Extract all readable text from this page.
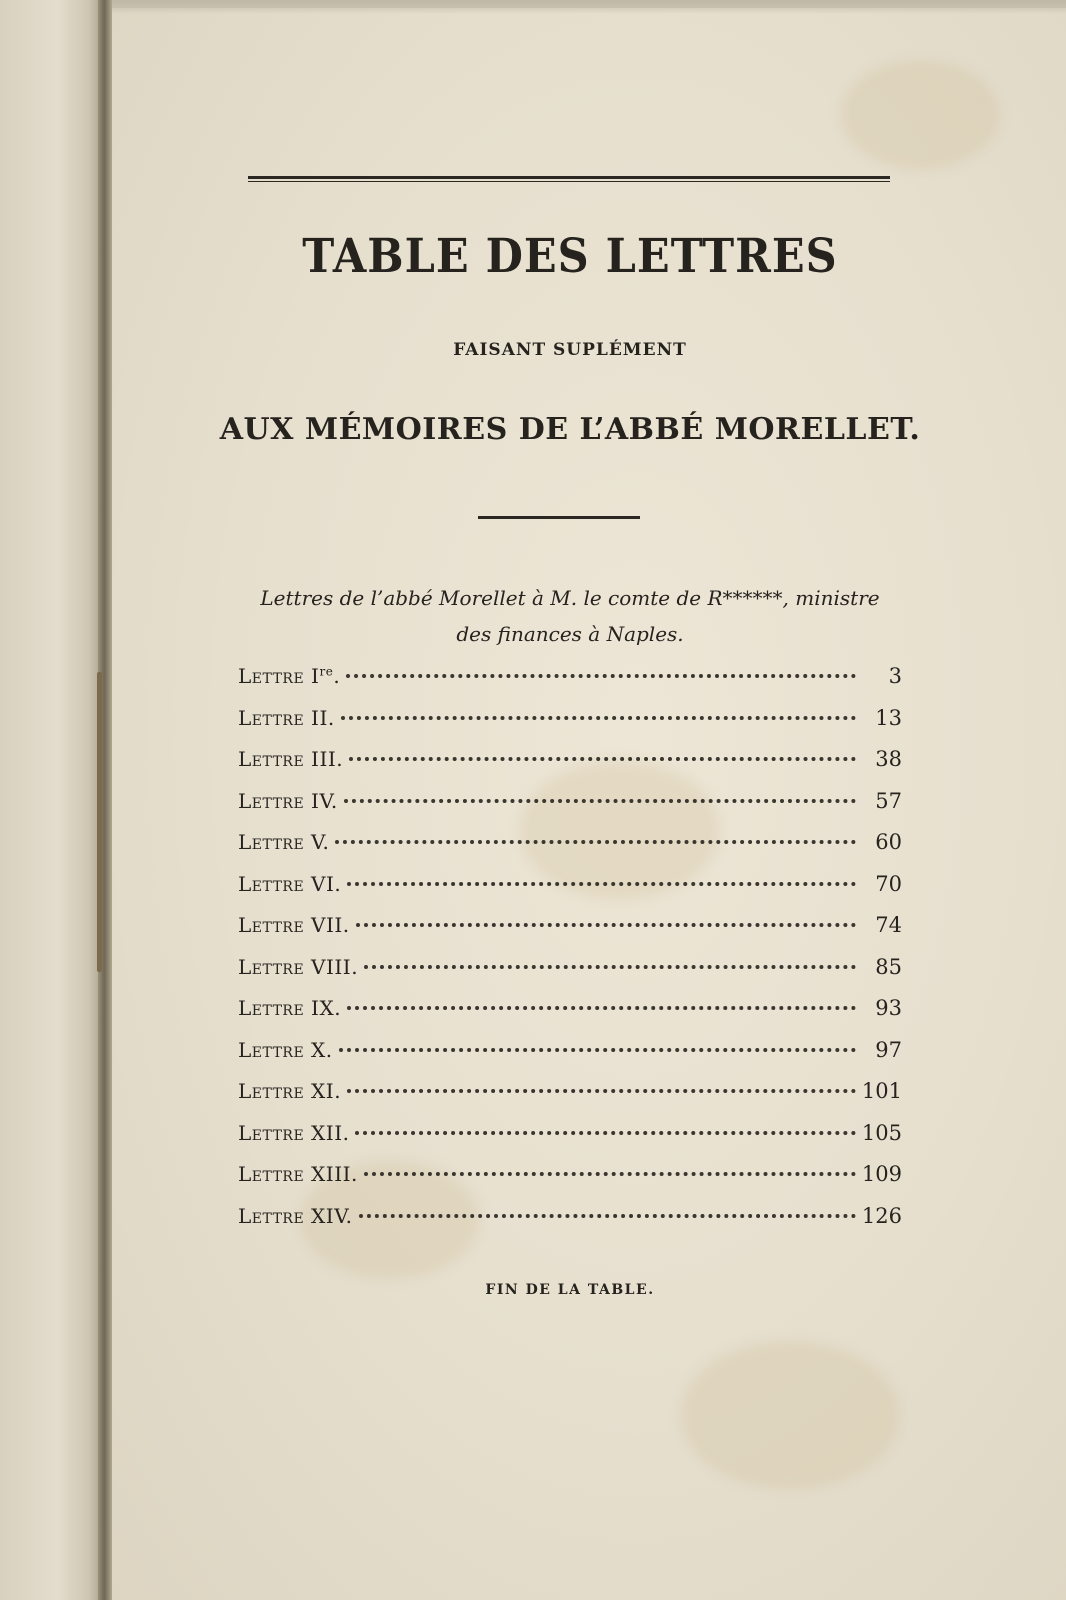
TABLE DES LETTRES
FAISANT SUPLÉMENT
AUX MÉMOIRES DE L’ABBÉ MORELLET.
Lettres de l’abbé Morellet à M. le comte de R******, ministre
des finances à Naples.
Lettre Ire.	3
Lettre II.	13
Lettre III.	38
Lettre IV.	57
Lettre V.	60
Lettre VI.	70
Lettre VII.	74
Lettre VIII.	85
Lettre IX.	93
Lettre X.	97
Lettre XI.	101
Lettre XII.	105
Lettre XIII.	109
Lettre XIV.	126
FIN DE LA TABLE.
